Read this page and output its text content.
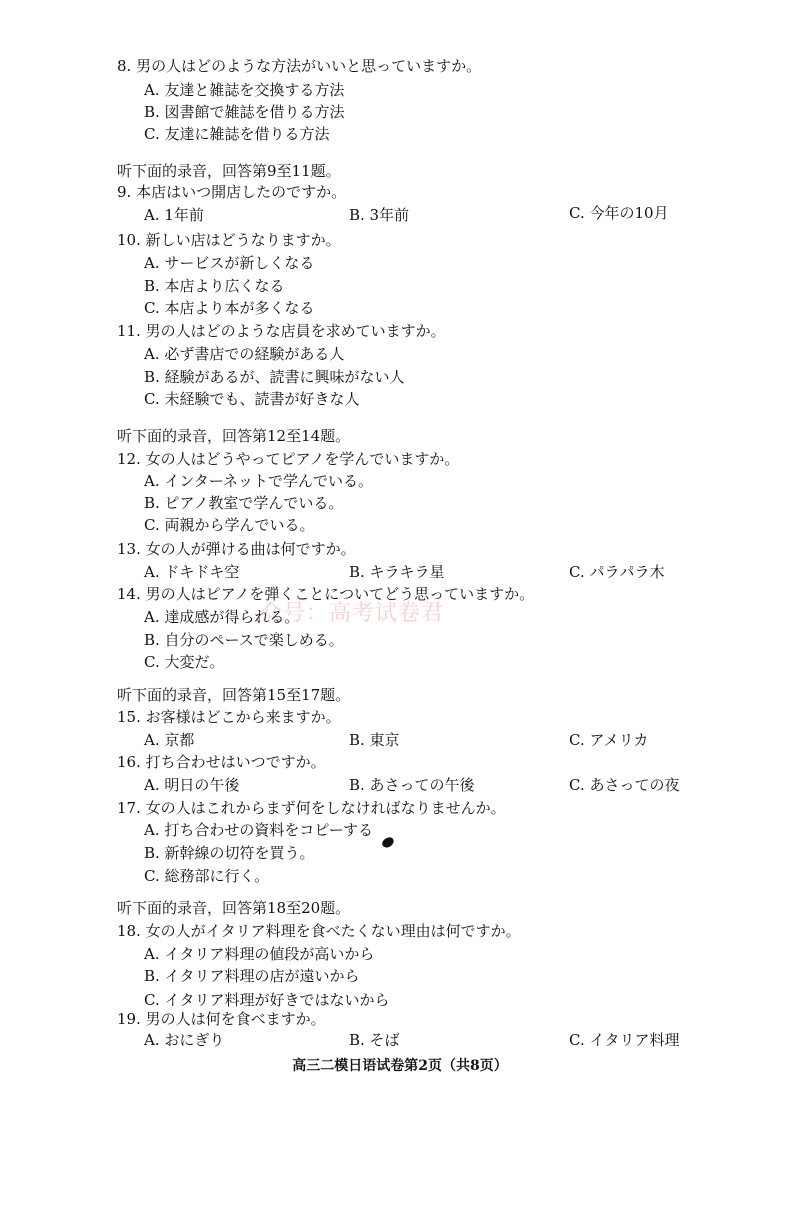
众号：高考试卷君
8. 男の人はどのような方法がいいと思っていますか。
A. 友達と雑誌を交換する方法
B. 図書館で雑誌を借りる方法
C. 友達に雑誌を借りる方法
听下面的录音，回答第9至11题。
9. 本店はいつ開店したのですか。
A. 1年前	B. 3年前	C. 今年の10月
10. 新しい店はどうなりますか。
A. サービスが新しくなる
B. 本店より広くなる
C. 本店より本が多くなる
11. 男の人はどのような店員を求めていますか。
A. 必ず書店での経験がある人
B. 経験があるが、読書に興味がない人
C. 未経験でも、読書が好きな人
听下面的录音，回答第12至14题。
12. 女の人はどうやってピアノを学んでいますか。
A. インターネットで学んでいる。
B. ピアノ教室で学んでいる。
C. 両親から学んでいる。
13. 女の人が弾ける曲は何ですか。
A. ドキドキ空	B. キラキラ星	C. パラパラ木
14. 男の人はピアノを弾くことについてどう思っていますか。
A. 達成感が得られる。
B. 自分のペースで楽しめる。
C. 大変だ。
听下面的录音，回答第15至17题。
15. お客様はどこから来ますか。
A. 京都	B. 東京	C. アメリカ
16. 打ち合わせはいつですか。
A. 明日の午後	B. あさっての午後	C. あさっての夜
17. 女の人はこれからまず何をしなければなりませんか。
A. 打ち合わせの資料をコピーする
B. 新幹線の切符を買う。
C. 総務部に行く。
听下面的录音，回答第18至20题。
18. 女の人がイタリア料理を食べたくない理由は何ですか。
A. イタリア料理の値段が高いから
B. イタリア料理の店が遠いから
C. イタリア料理が好きではないから
19. 男の人は何を食べますか。
A. おにぎり	B. そば	C. イタリア料理
高三二模日语试卷第2页（共8页）
